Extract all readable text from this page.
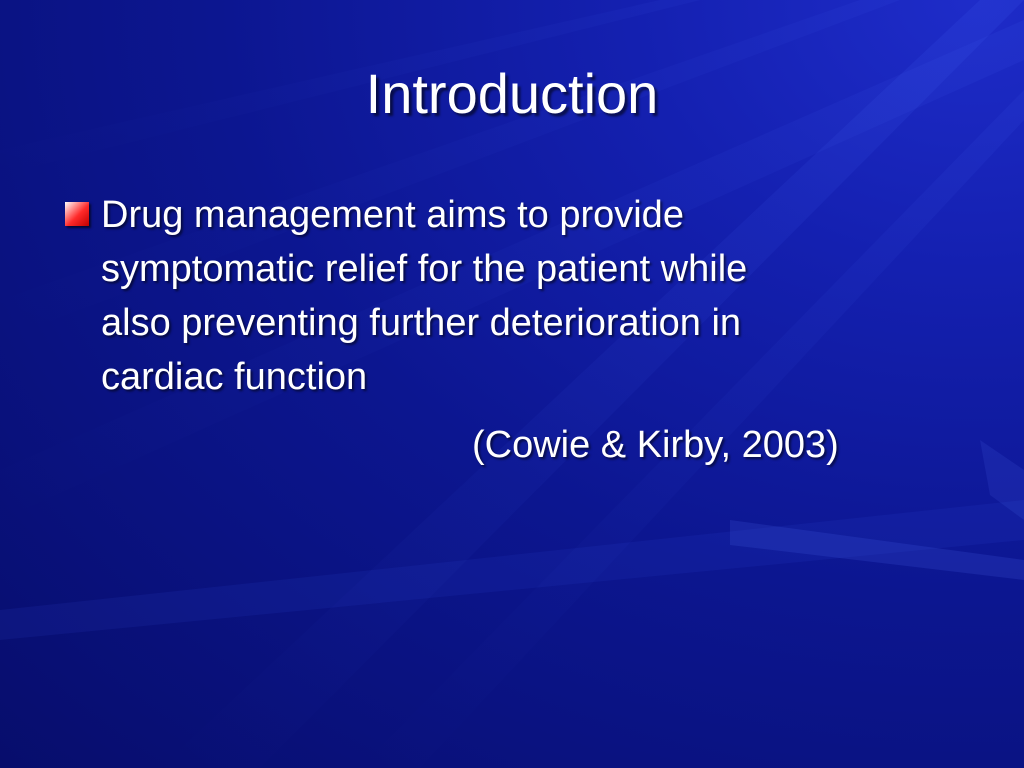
Introduction
Drug management aims to provide
symptomatic relief for the patient while
also preventing further deterioration in
cardiac function
(Cowie & Kirby, 2003)
